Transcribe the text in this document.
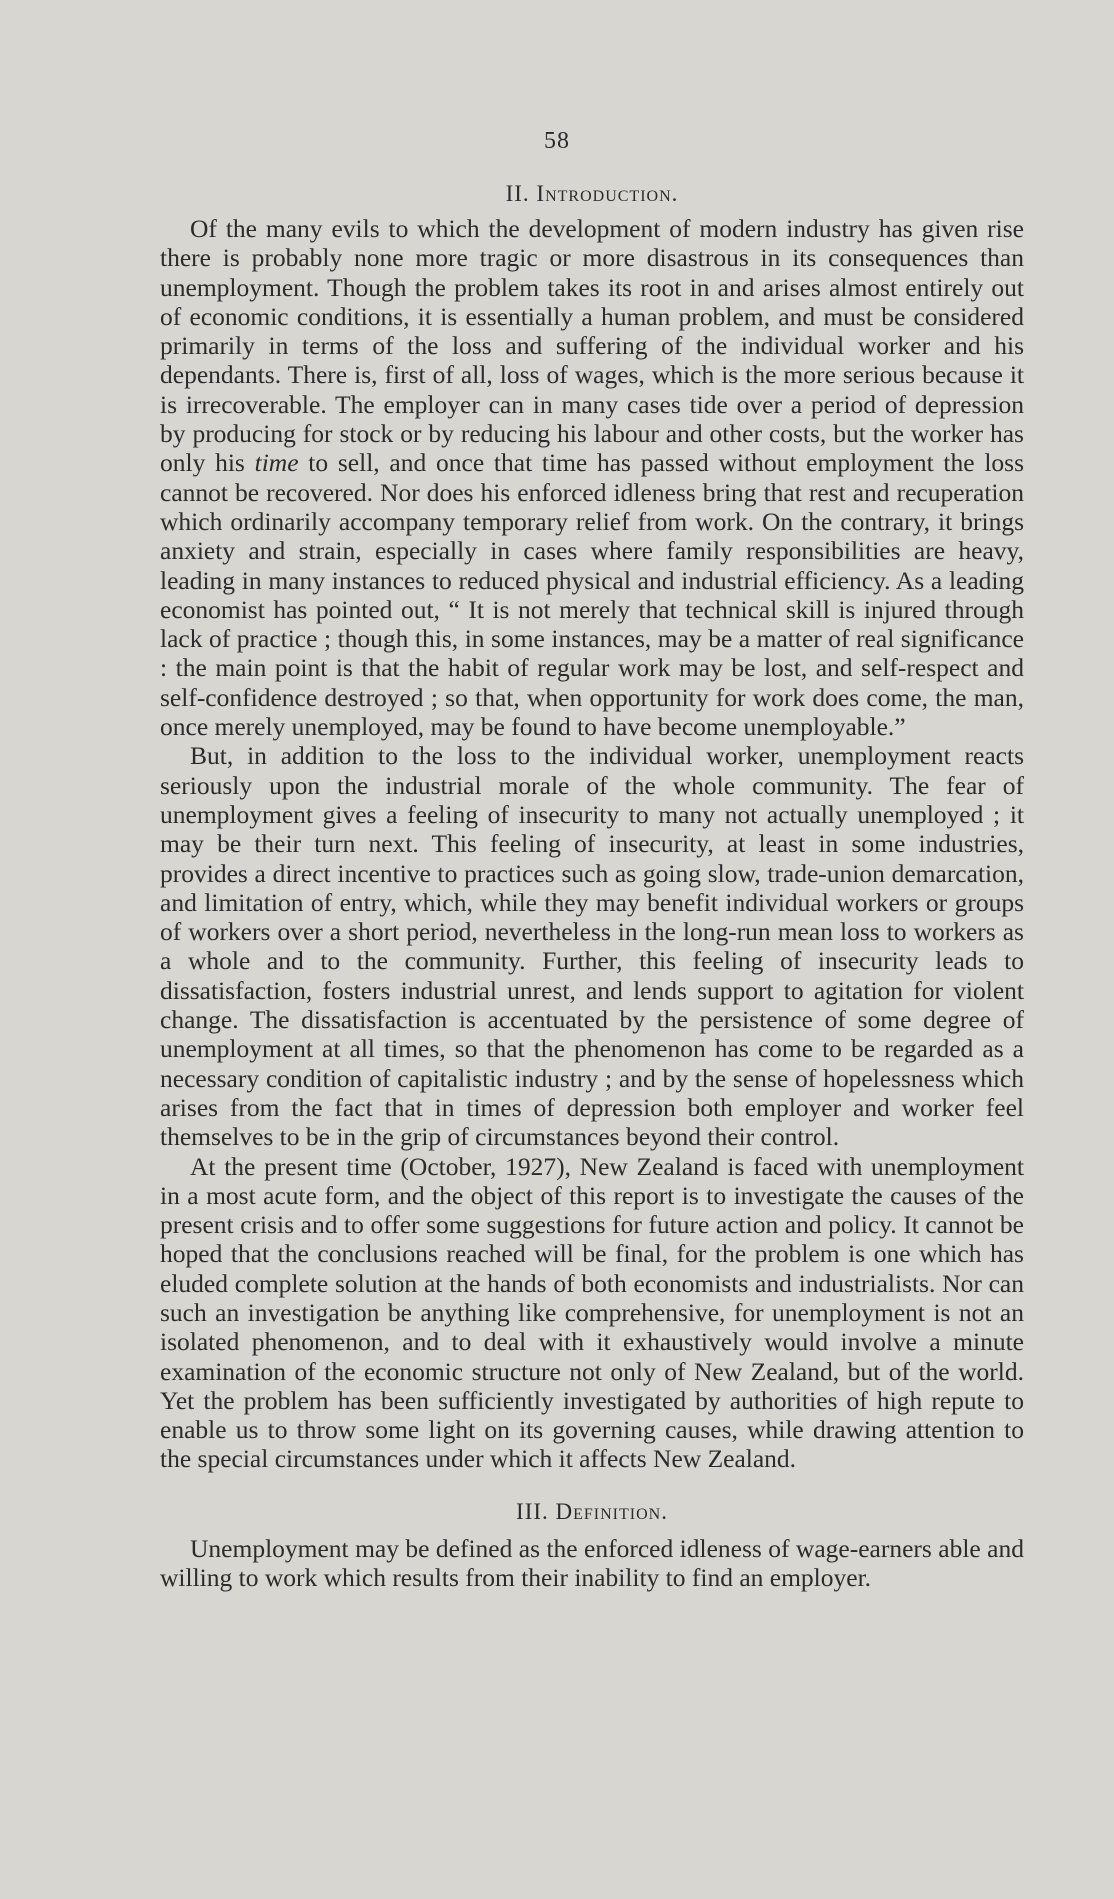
58
II. Introduction.

Of the many evils to which the development of modern industry has given rise there is probably none more tragic or more disastrous in its consequences than unemployment. Though the problem takes its root in and arises almost entirely out of economic conditions, it is essentially a human problem, and must be considered primarily in terms of the loss and suffering of the individual worker and his dependants. There is, first of all, loss of wages, which is the more serious because it is irrecoverable. The employer can in many cases tide over a period of depression by producing for stock or by reducing his labour and other costs, but the worker has only his time to sell, and once that time has passed without employment the loss cannot be recovered. Nor does his enforced idleness bring that rest and recuperation which ordinarily accompany temporary relief from work. On the contrary, it brings anxiety and strain, especially in cases where family responsibilities are heavy, leading in many instances to reduced physical and industrial efficiency. As a leading economist has pointed out, “ It is not merely that technical skill is injured through lack of practice ; though this, in some instances, may be a matter of real significance : the main point is that the habit of regular work may be lost, and self-respect and self-confidence destroyed ; so that, when opportunity for work does come, the man, once merely unemployed, may be found to have become unemployable.”

But, in addition to the loss to the individual worker, unemployment reacts seriously upon the industrial morale of the whole community. The fear of unemployment gives a feeling of insecurity to many not actually unemployed ; it may be their turn next. This feeling of insecurity, at least in some industries, provides a direct incentive to practices such as going slow, trade-union demarcation, and limitation of entry, which, while they may benefit individual workers or groups of workers over a short period, nevertheless in the long-run mean loss to workers as a whole and to the community. Further, this feeling of insecurity leads to dissatisfaction, fosters industrial unrest, and lends support to agitation for violent change. The dissatisfaction is accentuated by the persistence of some degree of unemployment at all times, so that the phenomenon has come to be regarded as a necessary condition of capitalistic industry ; and by the sense of hopelessness which arises from the fact that in times of depression both employer and worker feel themselves to be in the grip of circumstances beyond their control.

At the present time (October, 1927), New Zealand is faced with unemployment in a most acute form, and the object of this report is to investigate the causes of the present crisis and to offer some suggestions for future action and policy. It cannot be hoped that the conclusions reached will be final, for the problem is one which has eluded complete solution at the hands of both economists and industrialists. Nor can such an investigation be anything like comprehensive, for unemployment is not an isolated phenomenon, and to deal with it exhaustively would involve a minute examination of the economic structure not only of New Zealand, but of the world. Yet the problem has been sufficiently investigated by authorities of high repute to enable us to throw some light on its governing causes, while drawing attention to the special circumstances under which it affects New Zealand.

III. Definition.

Unemployment may be defined as the enforced idleness of wage-earners able and willing to work which results from their inability to find an employer.
